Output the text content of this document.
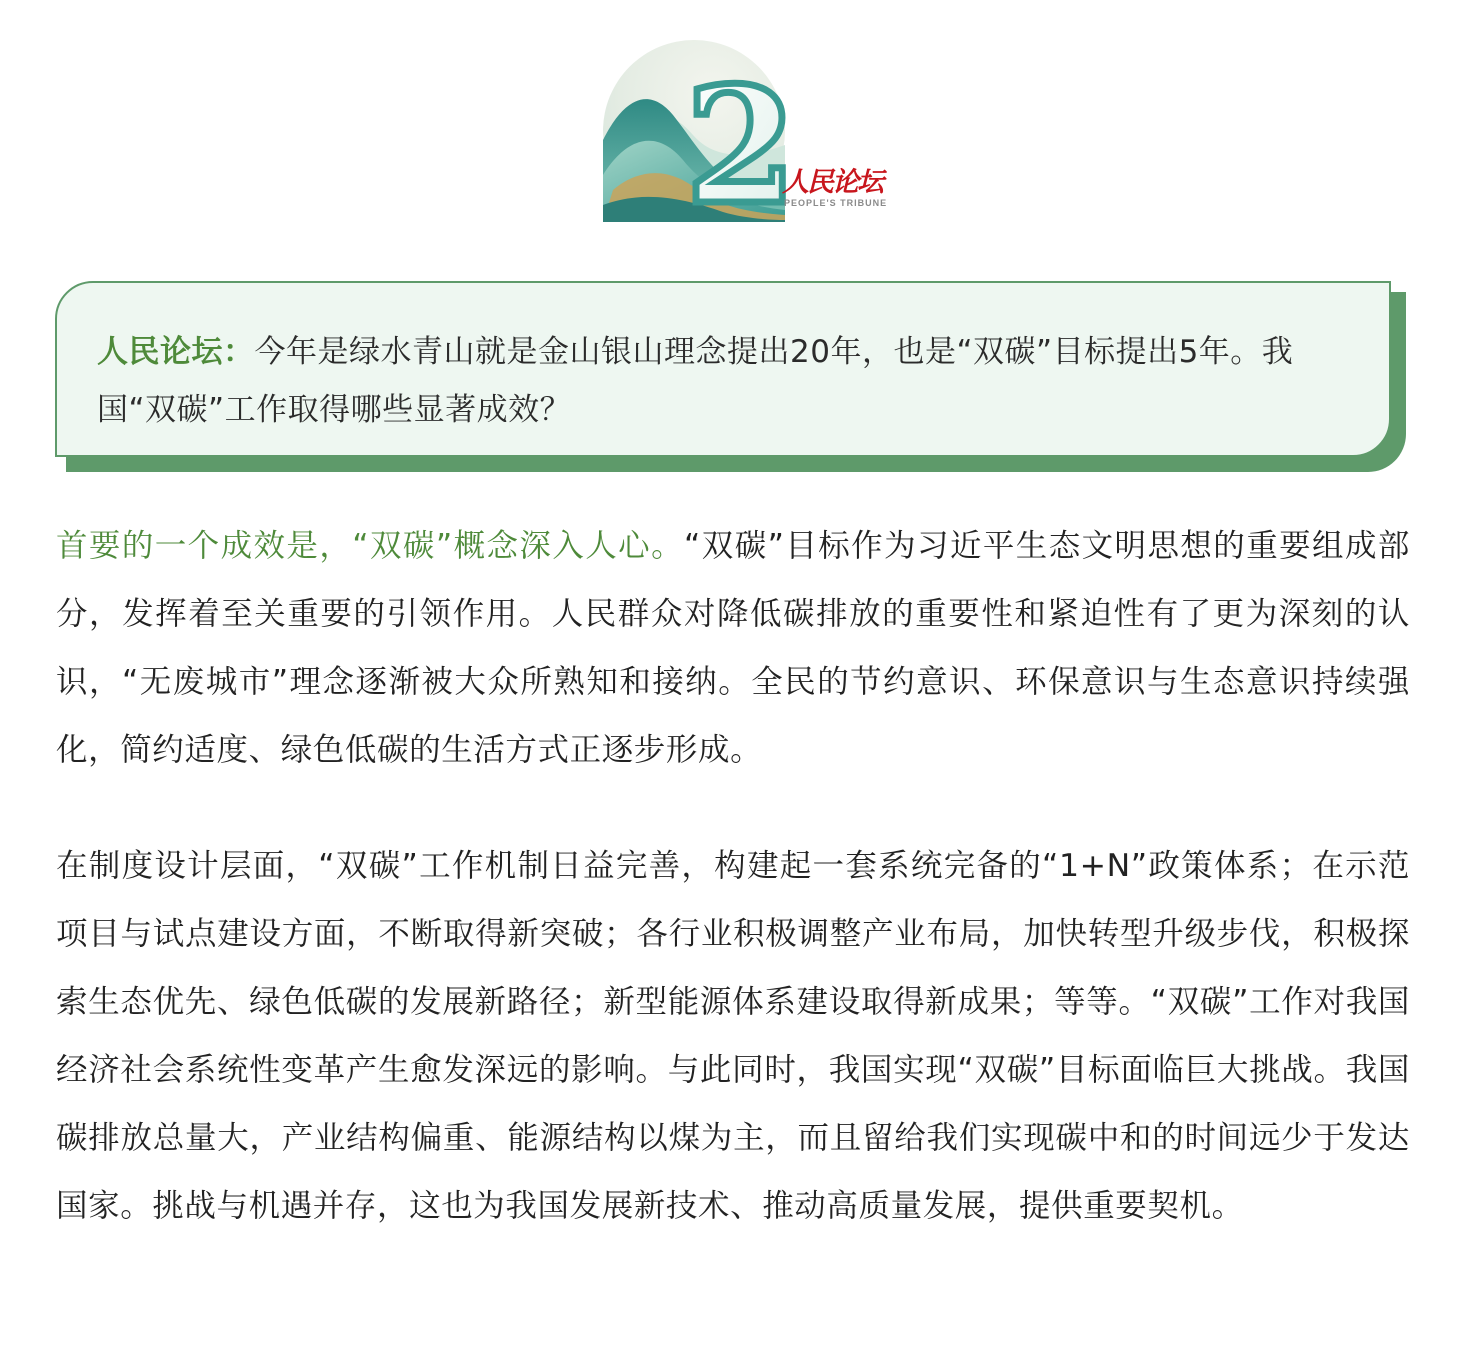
2
人民论坛
PEOPLE'S TRIBUNE

人民论坛：今年是绿水青山就是金山银山理念提出20年，也是“双碳”目标提出5年。我国“双碳”工作取得哪些显著成效？

首要的一个成效是，“双碳”概念深入人心。“双碳”目标作为习近平生态文明思想的重要组成部分，发挥着至关重要的引领作用。人民群众对降低碳排放的重要性和紧迫性有了更为深刻的认识，“无废城市”理念逐渐被大众所熟知和接纳。全民的节约意识、环保意识与生态意识持续强化，简约适度、绿色低碳的生活方式正逐步形成。

在制度设计层面，“双碳”工作机制日益完善，构建起一套系统完备的“1+N”政策体系；在示范项目与试点建设方面，不断取得新突破；各行业积极调整产业布局，加快转型升级步伐，积极探索生态优先、绿色低碳的发展新路径；新型能源体系建设取得新成果；等等。“双碳”工作对我国经济社会系统性变革产生愈发深远的影响。与此同时，我国实现“双碳”目标面临巨大挑战。我国碳排放总量大，产业结构偏重、能源结构以煤为主，而且留给我们实现碳中和的时间远少于发达国家。挑战与机遇并存，这也为我国发展新技术、推动高质量发展，提供重要契机。
